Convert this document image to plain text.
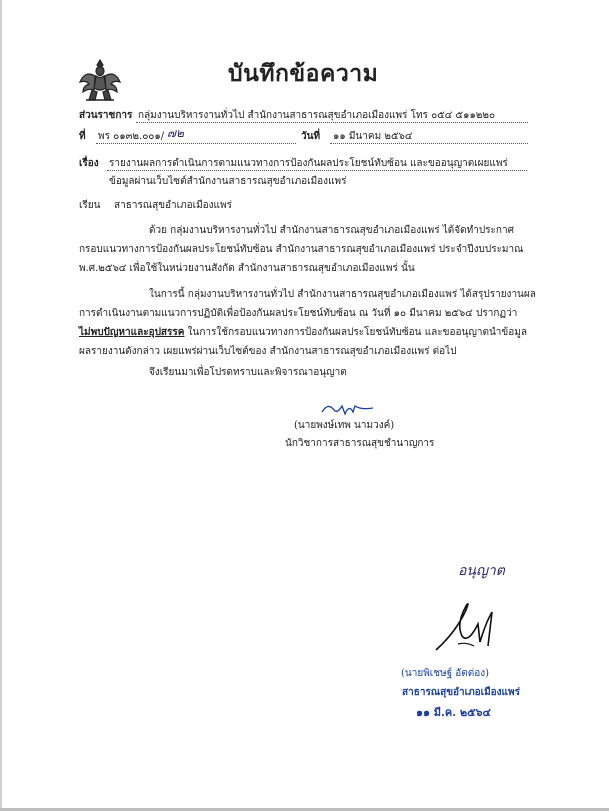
บันทึกข้อความ
ส่วนราชการ กลุ่มงานบริหารงานทั่วไป สำนักงานสาธารณสุขอำเภอเมืองแพร่ โทร ๐๕๔ ๕๑๑๒๒๐
ที่ พร ๐๑๓๒.๐๐๑/ ๗๒	วันที่ ๑๑ มีนาคม ๒๕๖๔
เรื่อง รายงานผลการดำเนินการตามแนวทางการป้องกันผลประโยชน์ทับซ้อน และขออนุญาตเผยแพร่
ข้อมูลผ่านเว็บไซต์สำนักงานสาธารณสุขอำเภอเมืองแพร่
เรียน สาธารณสุขอำเภอเมืองแพร่
ด้วย กลุ่มงานบริหารงานทั่วไป สำนักงานสาธารณสุขอำเภอเมืองแพร่ ได้จัดทำประกาศ
กรอบแนวทางการป้องกันผลประโยชน์ทับซ้อน สำนักงานสาธารณสุขอำเภอเมืองแพร่ ประจำปีงบประมาณ
พ.ศ.๒๕๖๔ เพื่อใช้ในหน่วยงานสังกัด สำนักงานสาธารณสุขอำเภอเมืองแพร่ นั้น
ในการนี้ กลุ่มงานบริหารงานทั่วไป สำนักงานสาธารณสุขอำเภอเมืองแพร่ ได้สรุปรายงานผล
การดำเนินงานตามแนวการปฏิบัติเพื่อป้องกันผลประโยชน์ทับซ้อน ณ วันที่ ๑๐ มีนาคม ๒๕๖๔ ปรากฏว่า
ไม่พบปัญหาและอุปสรรค ในการใช้กรอบแนวทางการป้องกันผลประโยชน์ทับซ้อน และขออนุญาตนำข้อมูล
ผลรายงานดังกล่าว เผยแพร่ผ่านเว็บไซต์ของ สำนักงานสาธารณสุขอำเภอเมืองแพร่ ต่อไป
จึงเรียนมาเพื่อโปรดทราบและพิจารณาอนุญาต
(นายพงษ์เทพ นามวงค์)
นักวิชาการสาธารณสุขชำนาญการ
อนุญาต
(นายพิเชษฐ์ อัตต่อง)
สาธารณสุขอำเภอเมืองแพร่
๑๑ มี.ค. ๒๕๖๔
